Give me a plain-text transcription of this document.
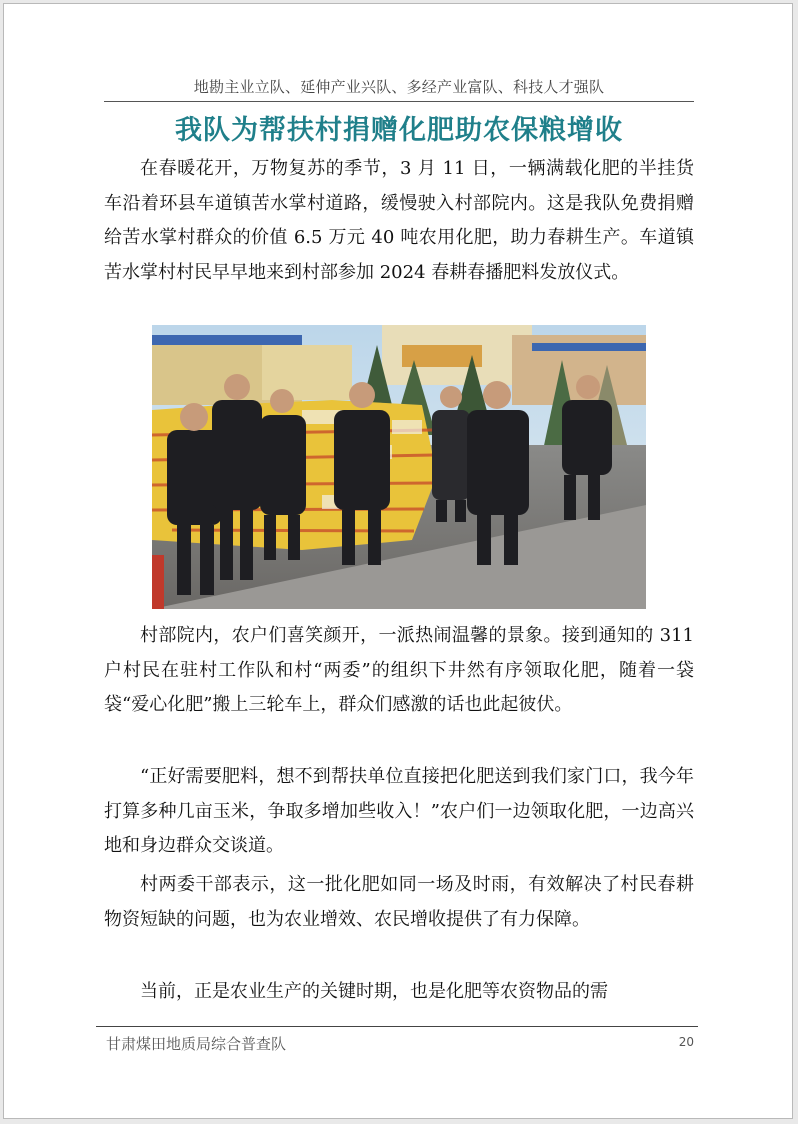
地勘主业立队、延伸产业兴队、多经产业富队、科技人才强队
我队为帮扶村捐赠化肥助农保粮增收

在春暖花开，万物复苏的季节，3 月 11 日，一辆满载化肥的半挂货车沿着环县车道镇苦水掌村道路，缓慢驶入村部院内。这是我队免费捐赠给苦水掌村群众的价值 6.5 万元 40 吨农用化肥，助力春耕生产。车道镇苦水掌村村民早早地来到村部参加 2024 春耕春播肥料发放仪式。

村部院内，农户们喜笑颜开，一派热闹温馨的景象。接到通知的 311 户村民在驻村工作队和村“两委”的组织下井然有序领取化肥，随着一袋袋“爱心化肥”搬上三轮车上，群众们感激的话也此起彼伏。

“正好需要肥料，想不到帮扶单位直接把化肥送到我们家门口，我今年打算多种几亩玉米，争取多增加些收入！”农户们一边领取化肥，一边高兴地和身边群众交谈道。

村两委干部表示，这一批化肥如同一场及时雨，有效解决了村民春耕物资短缺的问题，也为农业增效、农民增收提供了有力保障。

当前，正是农业生产的关键时期，也是化肥等农资物品的需

甘肃煤田地质局综合普查队	20
